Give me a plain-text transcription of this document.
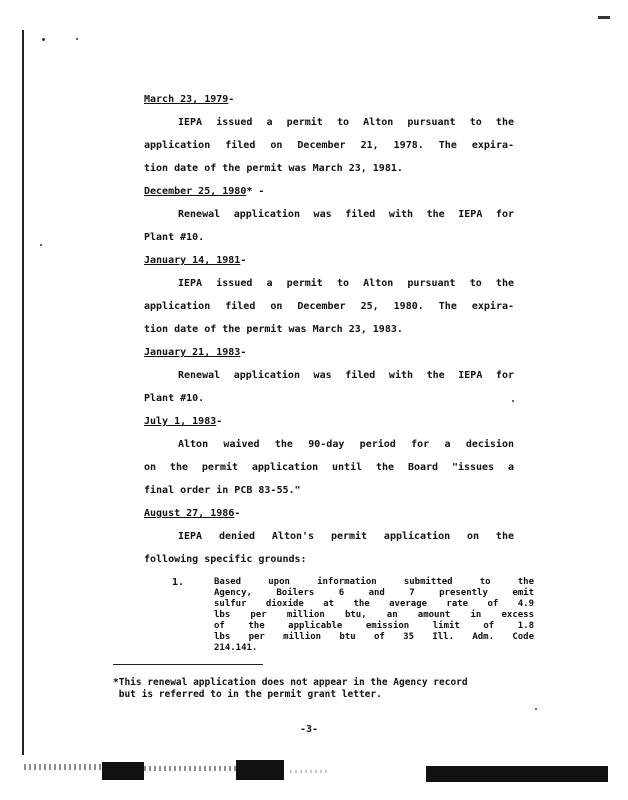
March 23, 1979-
IEPA issued a permit to Alton pursuant to the
application filed on December 21, 1978. The expira-
tion date of the permit was March 23, 1981.
December 25, 1980* -
Renewal application was filed with the IEPA for
Plant #10.
January 14, 1981-
IEPA issued a permit to Alton pursuant to the
application filed on December 25, 1980. The expira-
tion date of the permit was March 23, 1983.
January 21, 1983-
Renewal application was filed with the IEPA for
Plant #10.
July 1, 1983-
Alton waived the 90-day period for a decision
on the permit application until the Board "issues a
final order in PCB 83-55."
August 27, 1986-
IEPA denied Alton's permit application on the
following specific grounds:
1.	Based upon information submitted to the
Agency, Boilers 6 and 7 presently emit
sulfur dioxide at the average rate of 4.9
lbs per million btu, an amount in excess
of the applicable emission limit of 1.8
lbs per million btu of 35 Ill. Adm. Code
214.141.
*This renewal application does not appear in the Agency record
but is referred to in the permit grant letter.
-3-
